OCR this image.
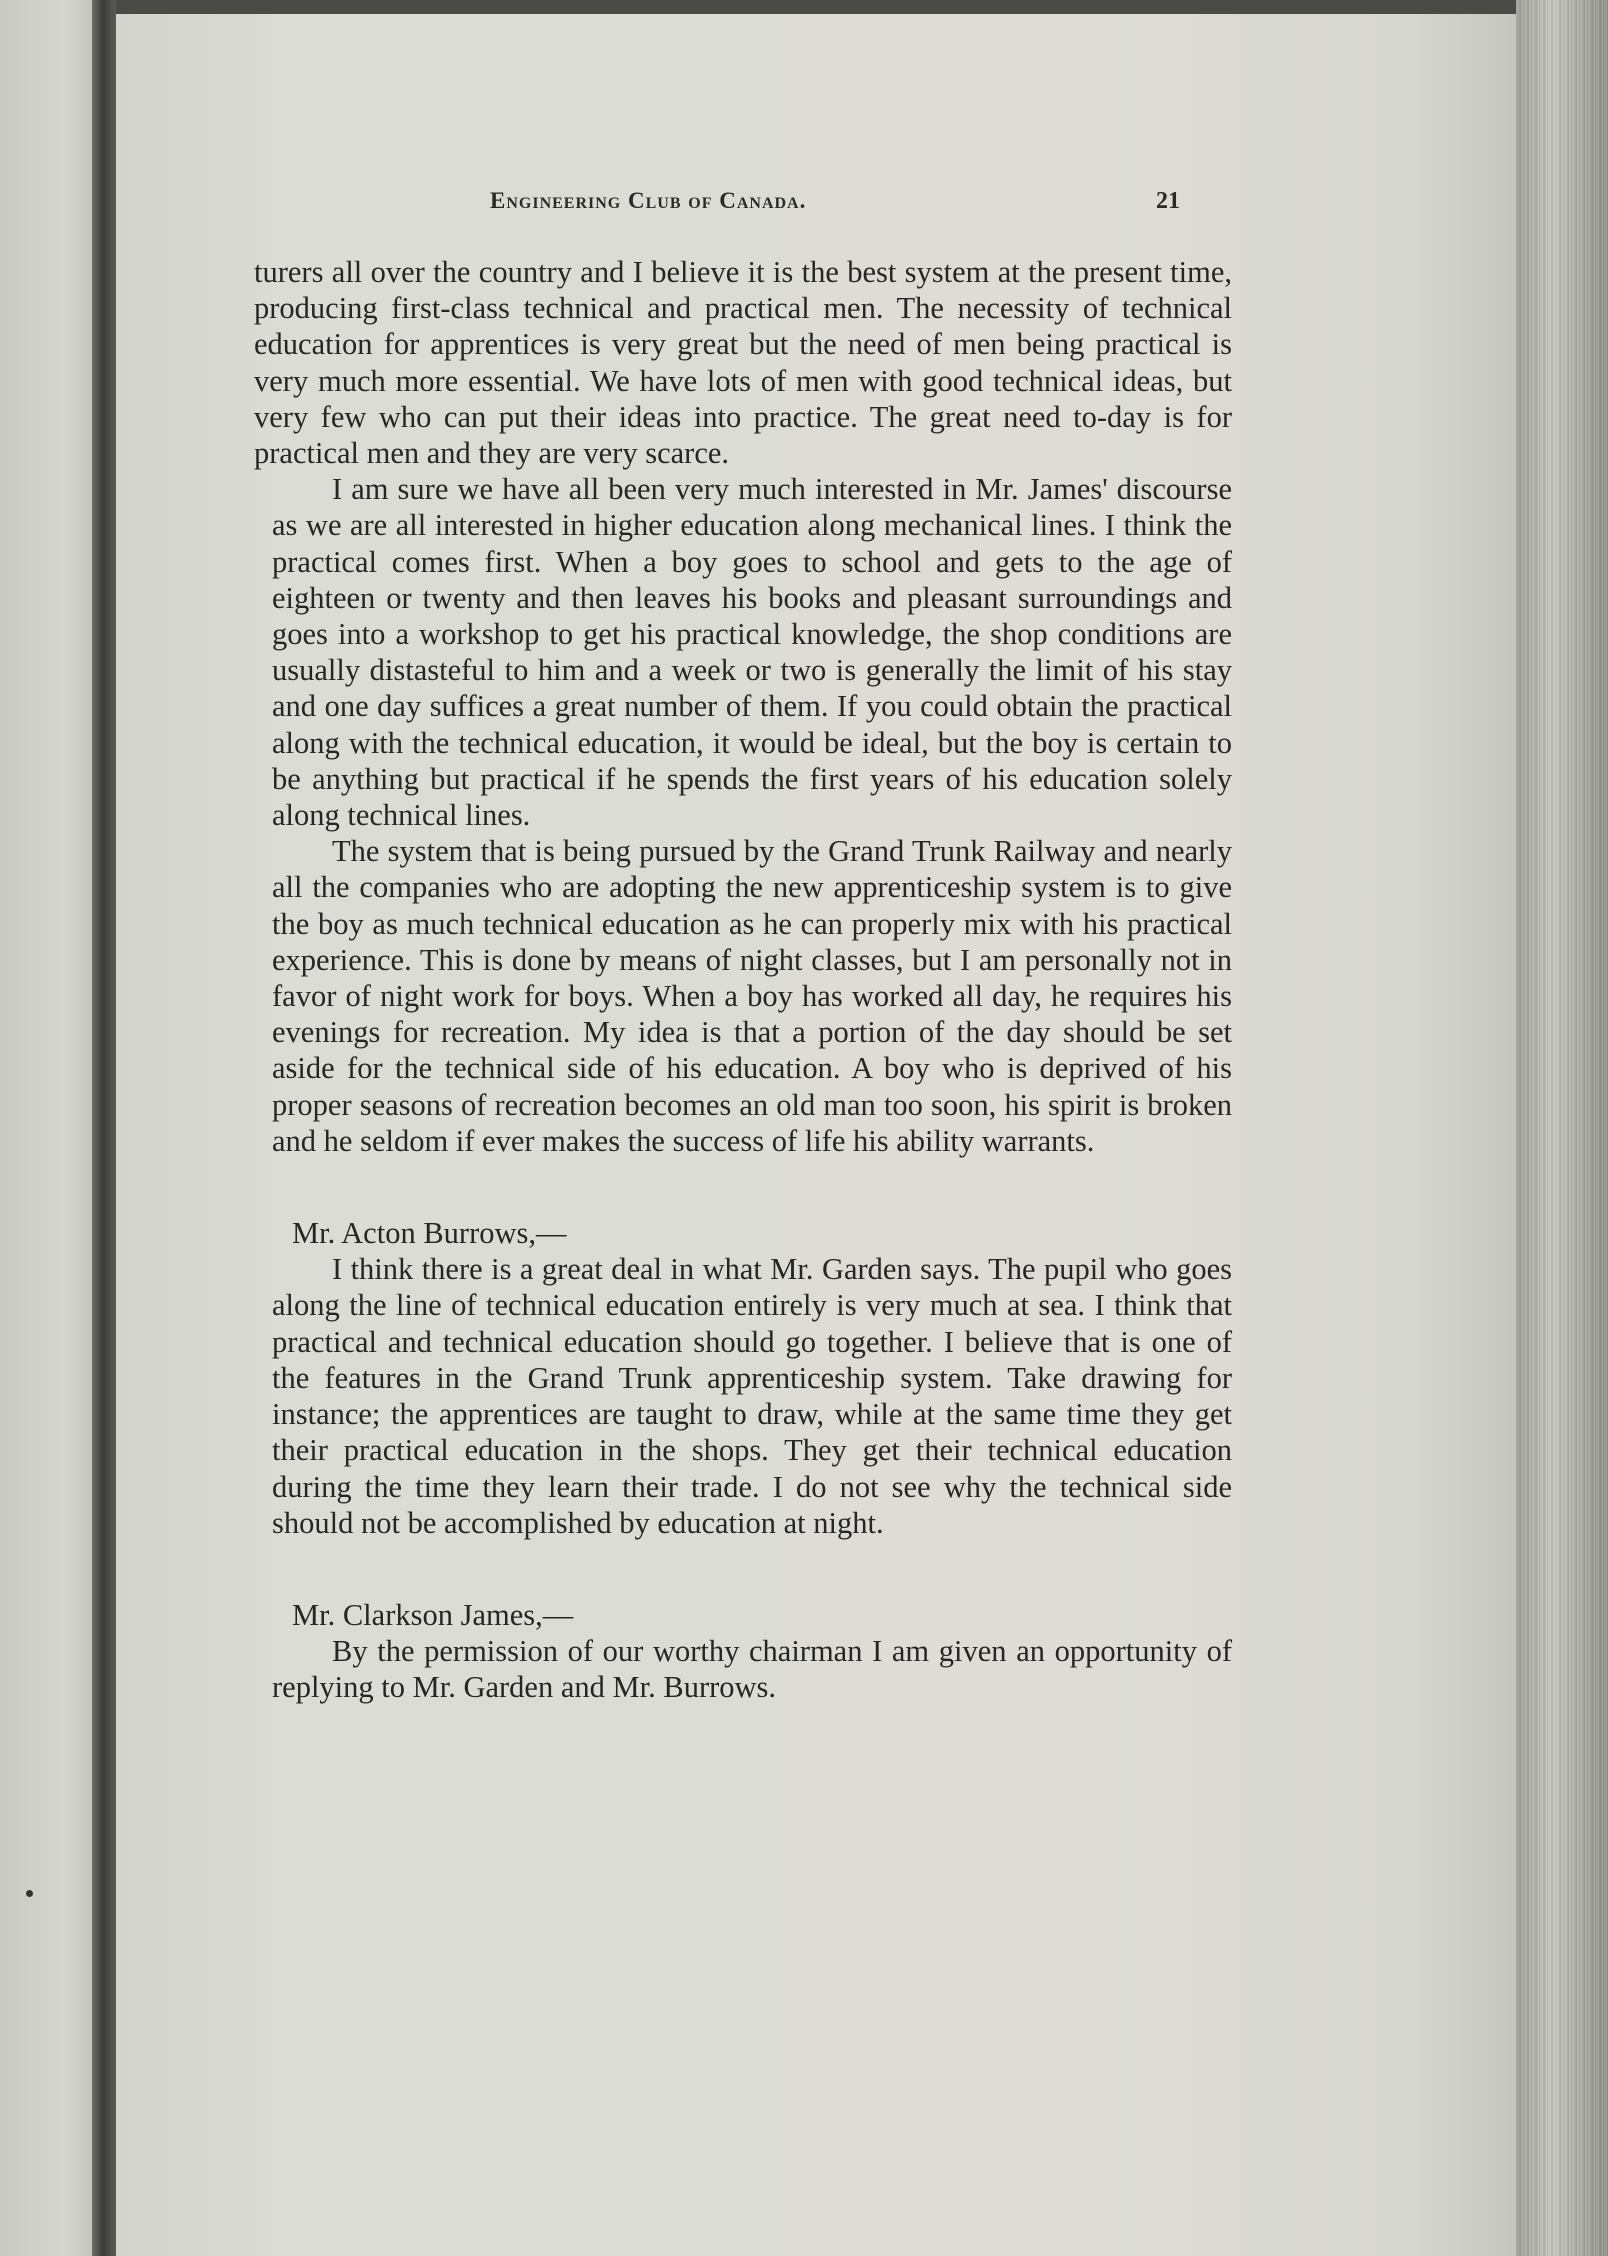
Engineering Club of Canada.	21

turers all over the country and I believe it is the best system at the present time, producing first-class technical and practical men. The necessity of technical education for apprentices is very great but the need of men being practical is very much more essential. We have lots of men with good technical ideas, but very few who can put their ideas into practice. The great need to-day is for practical men and they are very scarce.

I am sure we have all been very much interested in Mr. James' discourse as we are all interested in higher education along mechanical lines. I think the practical comes first. When a boy goes to school and gets to the age of eighteen or twenty and then leaves his books and pleasant surroundings and goes into a workshop to get his practical knowledge, the shop conditions are usually distasteful to him and a week or two is generally the limit of his stay and one day suffices a great number of them. If you could obtain the practical along with the technical education, it would be ideal, but the boy is certain to be anything but practical if he spends the first years of his education solely along technical lines.

The system that is being pursued by the Grand Trunk Railway and nearly all the companies who are adopting the new apprenticeship system is to give the boy as much technical education as he can properly mix with his practical experience. This is done by means of night classes, but I am personally not in favor of night work for boys. When a boy has worked all day, he requires his evenings for recreation. My idea is that a portion of the day should be set aside for the technical side of his education. A boy who is deprived of his proper seasons of recreation becomes an old man too soon, his spirit is broken and he seldom if ever makes the success of life his ability warrants.

Mr. Acton Burrows,—

I think there is a great deal in what Mr. Garden says. The pupil who goes along the line of technical education entirely is very much at sea. I think that practical and technical education should go together. I believe that is one of the features in the Grand Trunk apprenticeship system. Take drawing for instance; the apprentices are taught to draw, while at the same time they get their practical education in the shops. They get their technical education during the time they learn their trade. I do not see why the technical side should not be accomplished by education at night.

Mr. Clarkson James,—

By the permission of our worthy chairman I am given an opportunity of replying to Mr. Garden and Mr. Burrows.
